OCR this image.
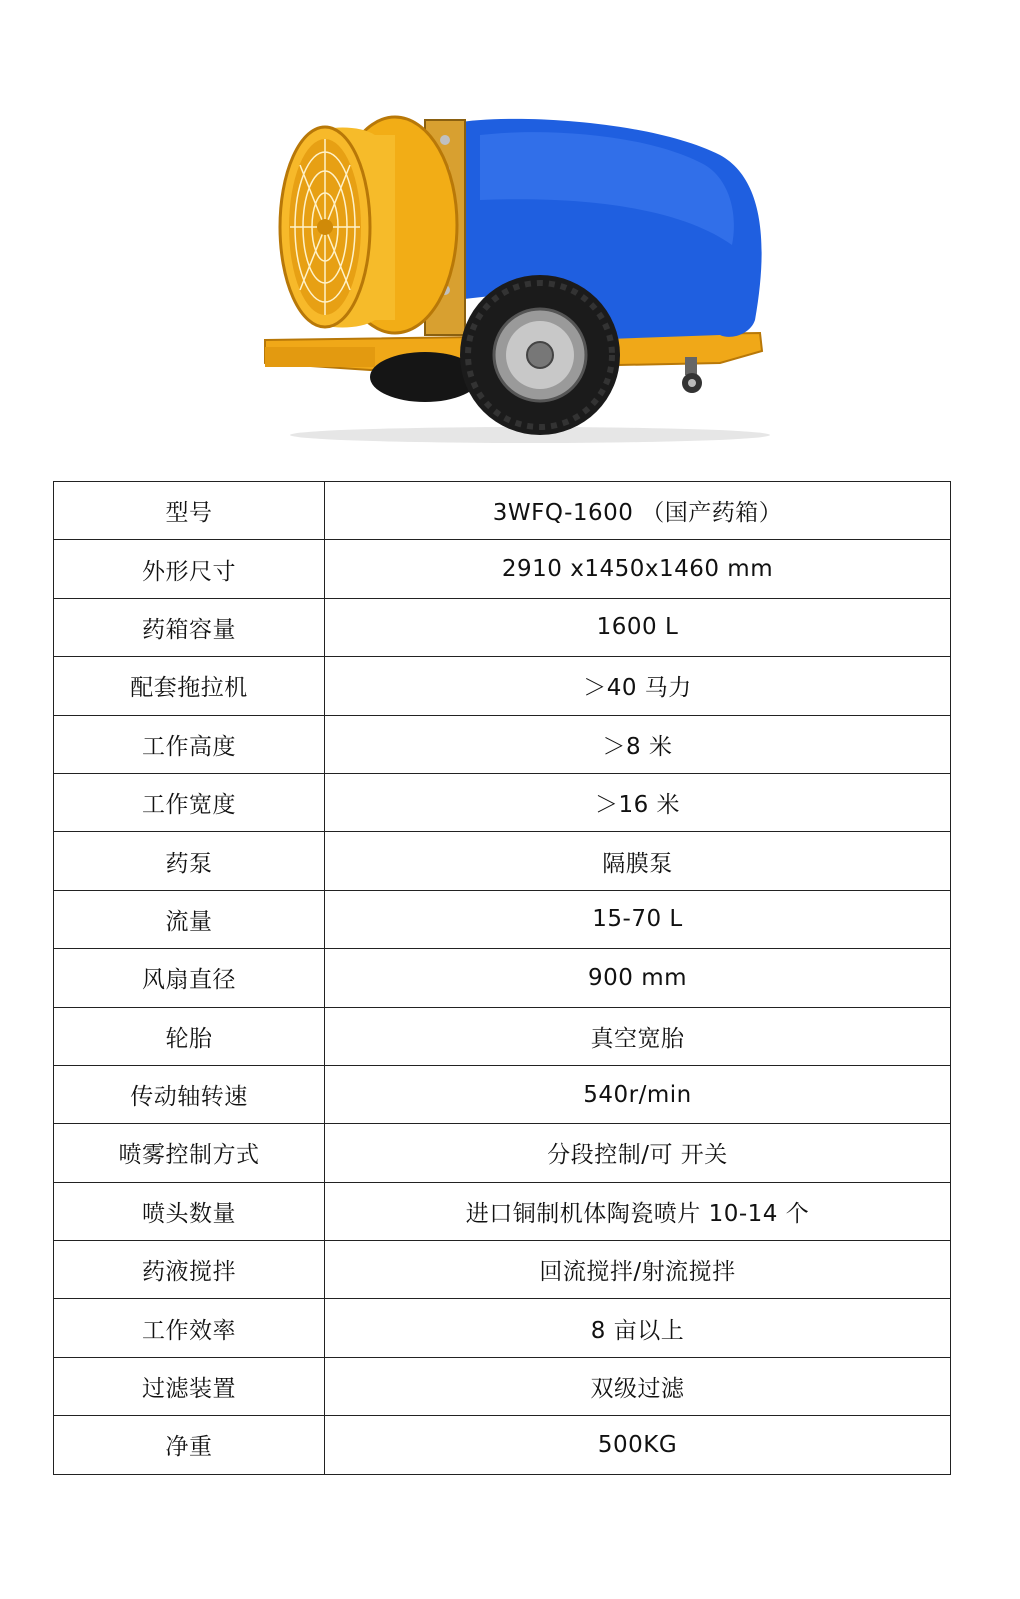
型号	3WFQ-1600 （国产药箱）
外形尺寸	2910 x1450x1460 mm
药箱容量	1600 L
配套拖拉机	＞40 马力
工作高度	＞8 米
工作宽度	＞16 米
药泵	隔膜泵
流量	15-70 L
风扇直径	900 mm
轮胎	真空宽胎
传动轴转速	540r/min
喷雾控制方式	分段控制/可 开关
喷头数量	进口铜制机体陶瓷喷片 10-14 个
药液搅拌	回流搅拌/射流搅拌
工作效率	8 亩以上
过滤装置	双级过滤
净重	500KG
